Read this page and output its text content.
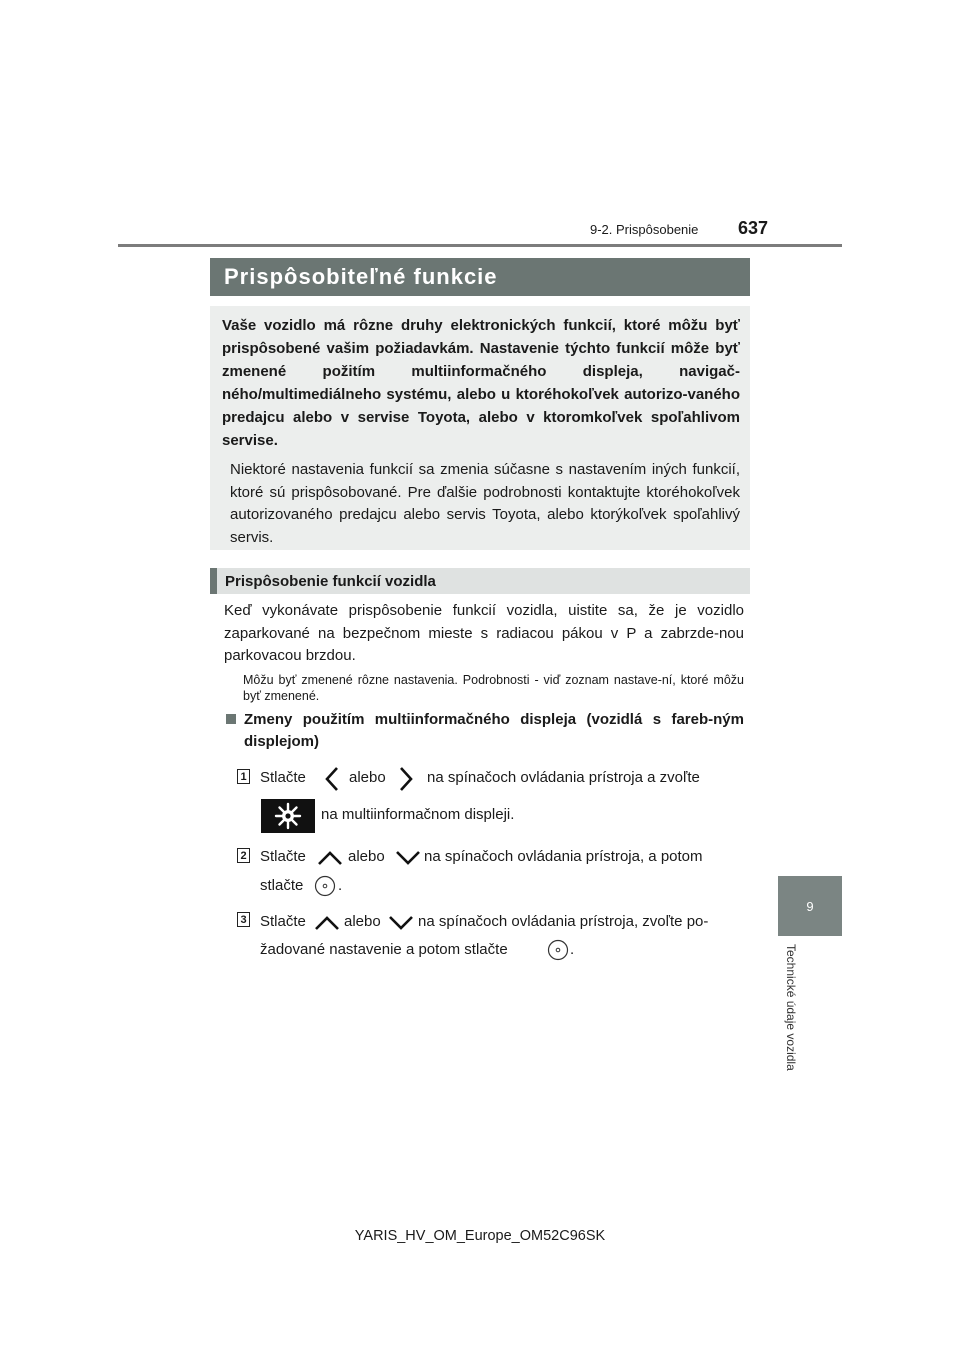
9-2. Prispôsobenie 637
9
Technické údaje vozidla
Prispôsobiteľné funkcie

Vaše vozidlo má rôzne druhy elektronických funkcií, ktoré môžu byť prispôsobené vašim požiadavkám. Nastavenie týchto funkcií môže byť zmenené požitím multiinformačného displeja, navigač-ného/multimediálneho systému, alebo u ktoréhokoľvek autorizo-vaného predajcu alebo v servise Toyota, alebo v ktoromkoľvek spoľahlivom servise.

Niektoré nastavenia funkcií sa zmenia súčasne s nastavením iných funkcií, ktoré sú prispôsobované. Pre ďalšie podrobnosti kontaktujte ktoréhokoľvek autorizovaného predajcu alebo servis Toyota, alebo ktorýkoľvek spoľahlivý servis.

Prispôsobenie funkcií vozidla

Keď vykonávate prispôsobenie funkcií vozidla, uistite sa, že je vozidlo zaparkované na bezpečnom mieste s radiacou pákou v P a zabrzde-nou parkovacou brzdou.

Môžu byť zmenené rôzne nastavenia. Podrobnosti - viď zoznam nastave-ní, ktoré môžu byť zmenené.

Zmeny použitím multiinformačného displeja (vozidlá s fareb-ným displejom)

1 Stlačte	alebo	na spínačoch ovládania prístroja a zvoľte
na multiinformačnom displeji.
2 Stlačte	alebo	na spínačoch ovládania prístroja, a potom
stlačte .
3 Stlačte	alebo na spínačoch ovládania prístroja, zvoľte po-
žadované nastavenie a potom stlačte	.
YARIS_HV_OM_Europe_OM52C96SK
